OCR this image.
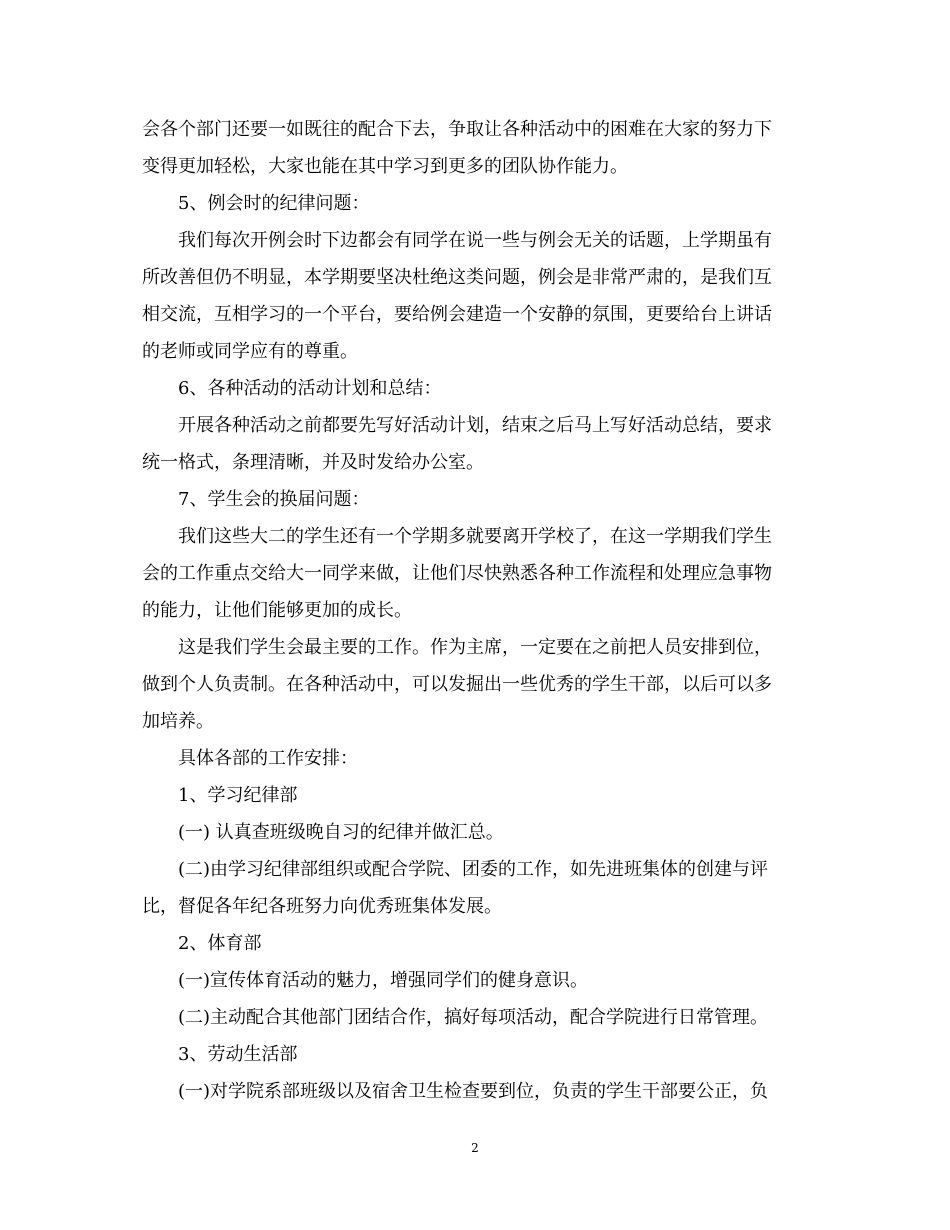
会各个部门还要一如既往的配合下去，争取让各种活动中的困难在大家的努力下
变得更加轻松，大家也能在其中学习到更多的团队协作能力。
5、例会时的纪律问题：
我们每次开例会时下边都会有同学在说一些与例会无关的话题，上学期虽有
所改善但仍不明显，本学期要坚决杜绝这类问题，例会是非常严肃的，是我们互
相交流，互相学习的一个平台，要给例会建造一个安静的氛围，更要给台上讲话
的老师或同学应有的尊重。
6、各种活动的活动计划和总结：
开展各种活动之前都要先写好活动计划，结束之后马上写好活动总结，要求
统一格式，条理清晰，并及时发给办公室。
7、学生会的换届问题：
我们这些大二的学生还有一个学期多就要离开学校了，在这一学期我们学生
会的工作重点交给大一同学来做，让他们尽快熟悉各种工作流程和处理应急事物
的能力，让他们能够更加的成长。
这是我们学生会最主要的工作。作为主席，一定要在之前把人员安排到位，
做到个人负责制。在各种活动中，可以发掘出一些优秀的学生干部，以后可以多
加培养。
具体各部的工作安排：
1、学习纪律部
(一) 认真查班级晚自习的纪律并做汇总。
(二)由学习纪律部组织或配合学院、团委的工作，如先进班集体的创建与评
比，督促各年纪各班努力向优秀班集体发展。
2、体育部
(一)宣传体育活动的魅力，增强同学们的健身意识。
(二)主动配合其他部门团结合作，搞好每项活动，配合学院进行日常管理。
3、劳动生活部
(一)对学院系部班级以及宿舍卫生检查要到位，负责的学生干部要公正，负
2
